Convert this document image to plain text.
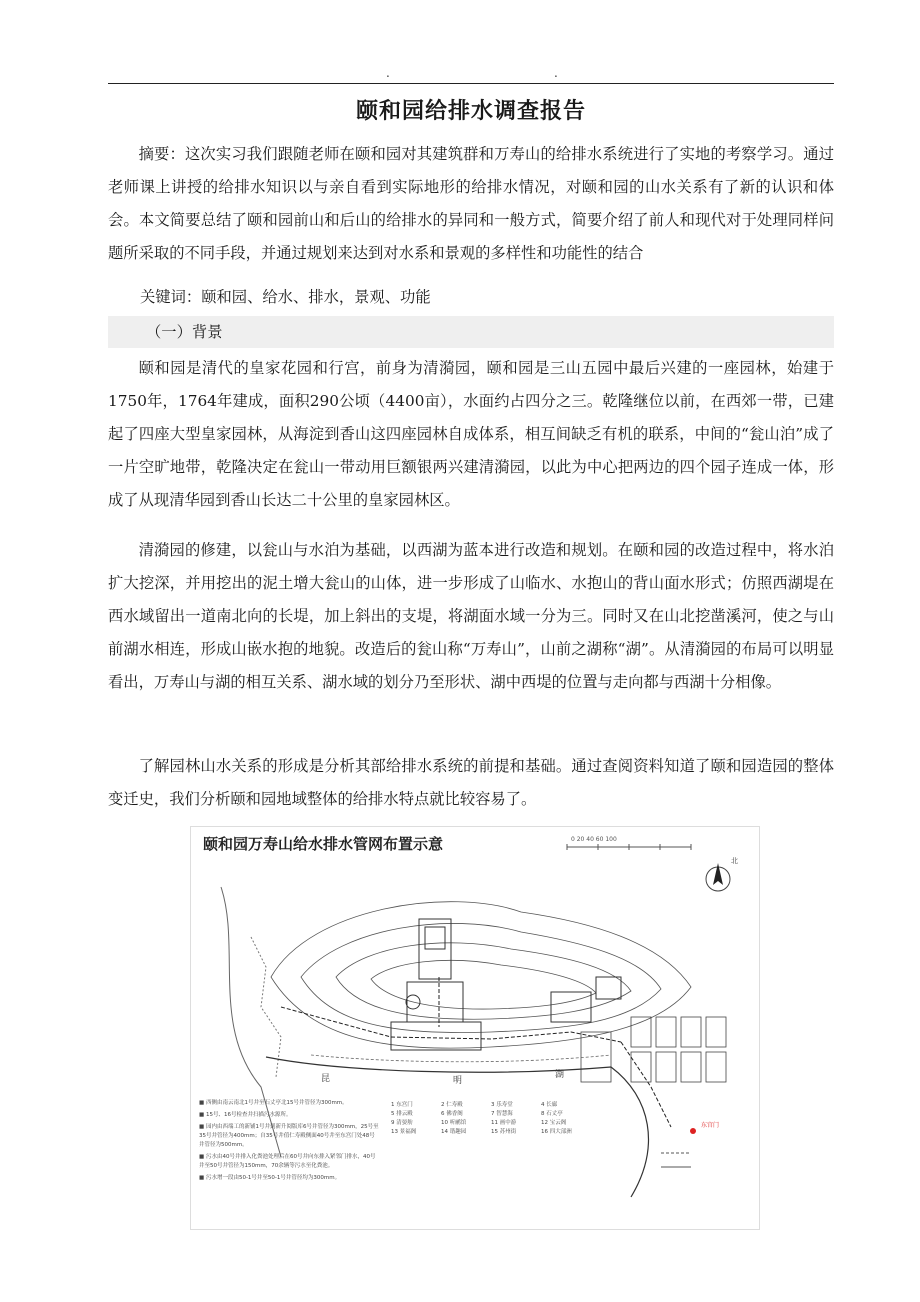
.	.
颐和园给排水调查报告

摘要：这次实习我们跟随老师在颐和园对其建筑群和万寿山的给排水系统进行了实地的考察学习。通过老师课上讲授的给排水知识以与亲自看到实际地形的给排水情况，对颐和园的山水关系有了新的认识和体会。本文简要总结了颐和园前山和后山的给排水的异同和一般方式，简要介绍了前人和现代对于处理同样问题所采取的不同手段，并通过规划来达到对水系和景观的多样性和功能性的结合

关键词：颐和园、给水、排水，景观、功能
（一）背景

颐和园是清代的皇家花园和行宫，前身为清漪园，颐和园是三山五园中最后兴建的一座园林，始建于1750年，1764年建成，面积290公顷（4400亩），水面约占四分之三。乾隆继位以前，在西郊一带，已建起了四座大型皇家园林，从海淀到香山这四座园林自成体系，相互间缺乏有机的联系，中间的“瓮山泊”成了一片空旷地带，乾隆决定在瓮山一带动用巨额银两兴建清漪园，以此为中心把两边的四个园子连成一体，形成了从现清华园到香山长达二十公里的皇家园林区。

清漪园的修建，以瓮山与水泊为基础，以西湖为蓝本进行改造和规划。在颐和园的改造过程中，将水泊扩大挖深，并用挖出的泥土增大瓮山的山体，进一步形成了山临水、水抱山的背山面水形式；仿照西湖堤在西水域留出一道南北向的长堤，加上斜出的支堤，将湖面水域一分为三。同时又在山北挖凿溪河，使之与山前湖水相连，形成山嵌水抱的地貌。改造后的瓮山称“万寿山”，山前之湖称“湖”。从清漪园的布局可以明显看出，万寿山与湖的相互关系、湖水域的划分乃至形状、湖中西堤的位置与走向都与西湖十分相像。

了解园林山水关系的形成是分析其部给排水系统的前提和基础。通过查阅资料知道了颐和园造园的整体变迁史，我们分析颐和园地域整体的给排水特点就比较容易了。

0 20 40 60 100
北
东宫门
昆	明
湖
颐和园万寿山给水排水管网布置示意
■ 西侧由南云南北1号井至石丈亭北15号井管径为300mm。
■ 15号、16号检查井扫描污水源所。
■ 园内由西端工的新铺1号井到新升阅版库6号井管径为300mm，25号至35号井管径为400mm；自35号井值仁寿殿侧面40号井至东宫门处48号井管径为500mm。
■ 污水由40号井排入化粪池处理后在60号井向东排入紧邻门排水，40号井至50号井管径为150mm，70余辆等污水至化粪池。
■ 污水增一段由50-1号井至50-1号井管径均为300mm。
1 东宫门	2 仁寿殿	3 乐寿堂	4 长廊
5 排云殿	6 佛香阁	7 智慧海	8 石丈亭
9 清晏舫	10 听鹂馆	11 画中游	12 宝云阁
13 景福阁	14 谐趣园	15 苏州街	16 四大部洲
